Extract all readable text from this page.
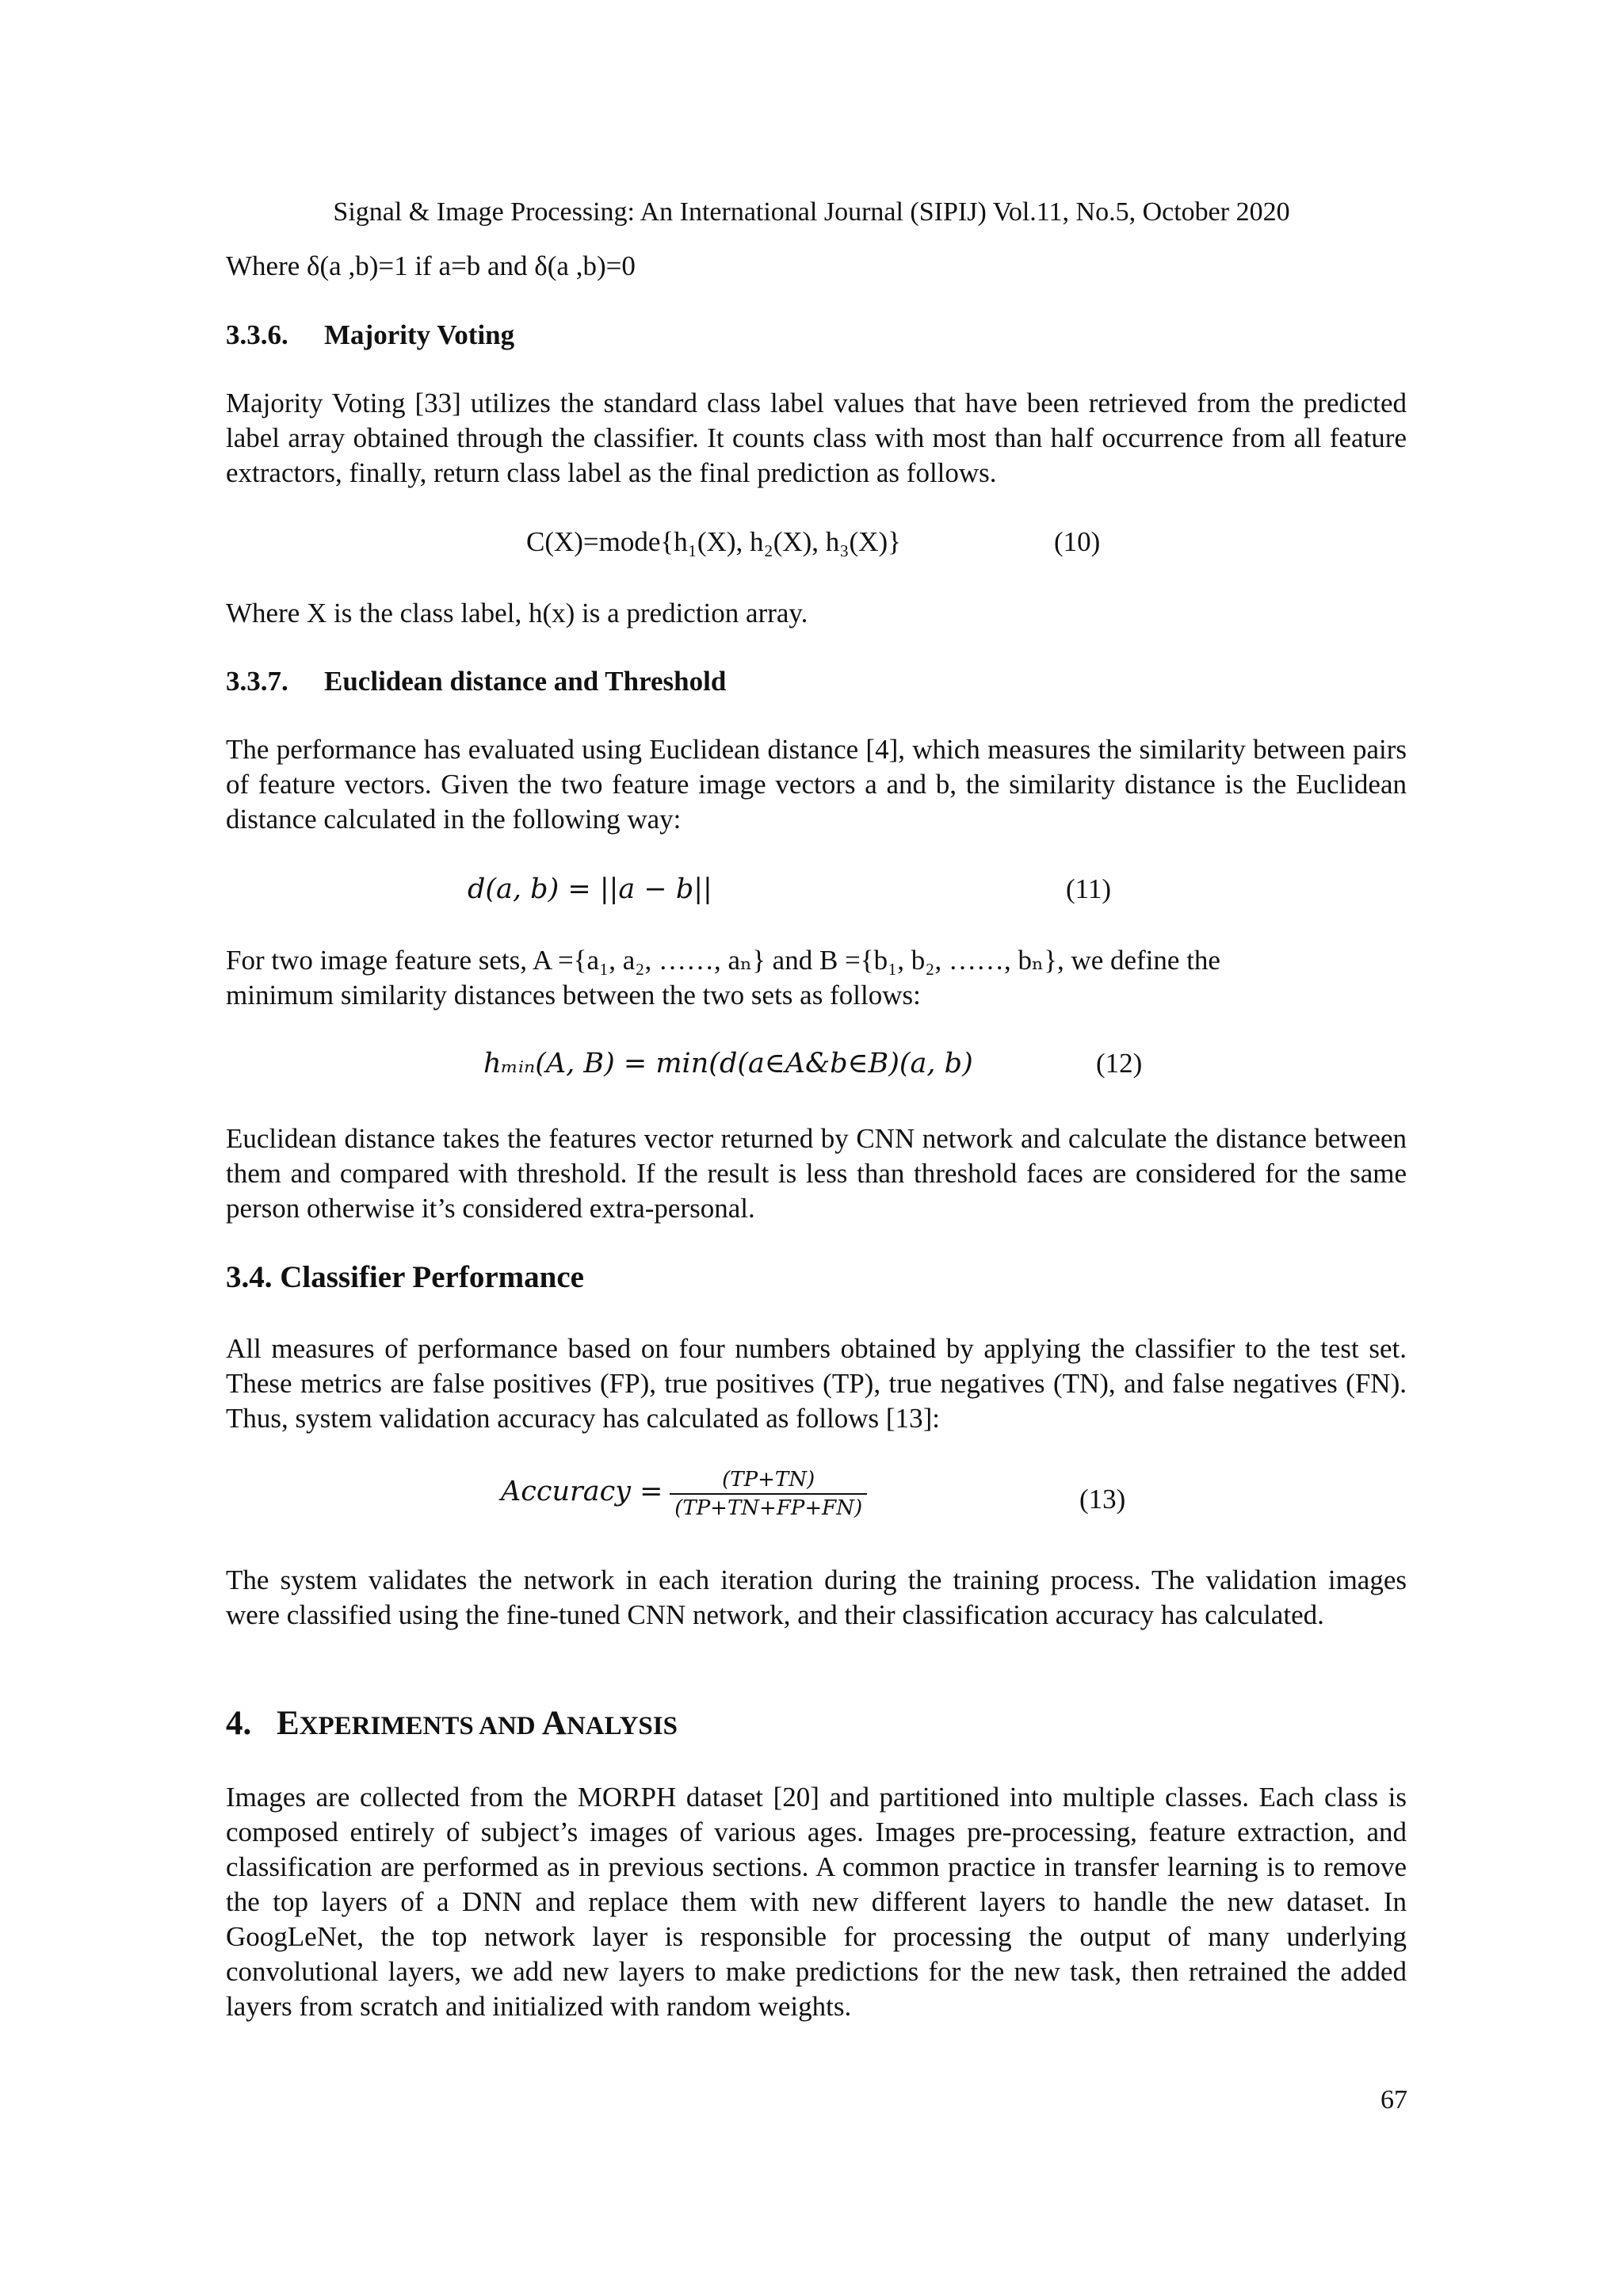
Signal & Image Processing: An International Journal (SIPIJ) Vol.11, No.5, October 2020
Where δ(a ,b)=1 if a=b and δ(a ,b)=0
3.3.6. Majority Voting
Majority Voting [33] utilizes the standard class label values that have been retrieved from the predicted label array obtained through the classifier. It counts class with most than half occurrence from all feature extractors, finally, return class label as the final prediction as follows.
C(X)=mode{h₁(X), h₂(X), h₃(X)}	(10)
Where X is the class label, h(x) is a prediction array.
3.3.7. Euclidean distance and Threshold
The performance has evaluated using Euclidean distance [4], which measures the similarity between pairs of feature vectors. Given the two feature image vectors a and b, the similarity distance is the Euclidean distance calculated in the following way:
d(a, b) = ||a − b||	(11)
For two image feature sets, A ={a₁, a₂, ……, aₙ} and B ={b₁, b₂, ……, bₙ}, we define the
minimum similarity distances between the two sets as follows:
hₘᵢₙ(A, B) = min(d(a∈A&b∈B)(a, b)	(12)
Euclidean distance takes the features vector returned by CNN network and calculate the distance between them and compared with threshold. If the result is less than threshold faces are considered for the same person otherwise it’s considered extra-personal.
3.4. Classifier Performance
All measures of performance based on four numbers obtained by applying the classifier to the test set. These metrics are false positives (FP), true positives (TP), true negatives (TN), and false negatives (FN). Thus, system validation accuracy has calculated as follows [13]:
Accuracy = $\frac{(TP+TN)}{(TP+TN+FP+FN)}$	(13)
The system validates the network in each iteration during the training process. The validation images were classified using the fine-tuned CNN network, and their classification accuracy has calculated.
4. EXPERIMENTS AND ANALYSIS
Images are collected from the MORPH dataset [20] and partitioned into multiple classes. Each class is composed entirely of subject’s images of various ages. Images pre-processing, feature extraction, and classification are performed as in previous sections. A common practice in transfer learning is to remove the top layers of a DNN and replace them with new different layers to handle the new dataset. In GoogLeNet, the top network layer is responsible for processing the output of many underlying convolutional layers, we add new layers to make predictions for the new task, then retrained the added layers from scratch and initialized with random weights.
67
